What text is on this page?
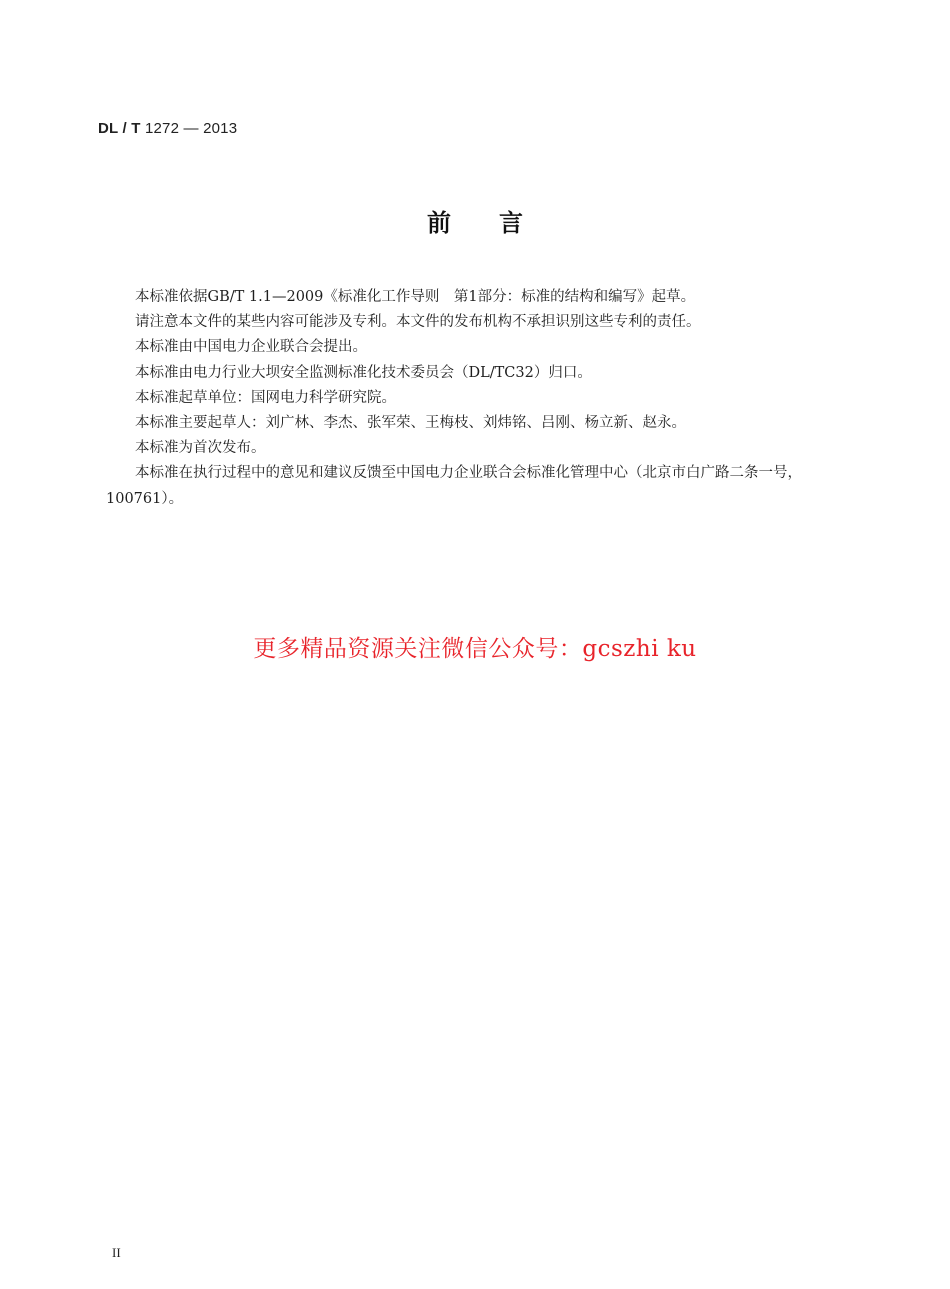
DL / T 1272 — 2013
前言

本标准依据GB/T 1.1—2009《标准化工作导则　第1部分：标准的结构和编写》起草。

请注意本文件的某些内容可能涉及专利。本文件的发布机构不承担识别这些专利的责任。

本标准由中国电力企业联合会提出。

本标准由电力行业大坝安全监测标准化技术委员会（DL/TC32）归口。

本标准起草单位：国网电力科学研究院。

本标准主要起草人：刘广林、李杰、张军荣、王梅枝、刘炜铭、吕刚、杨立新、赵永。

本标准为首次发布。

本标准在执行过程中的意见和建议反馈至中国电力企业联合会标准化管理中心（北京市白广路二条一号，100761）。

更多精品资源关注微信公众号：gcszhi ku
II
